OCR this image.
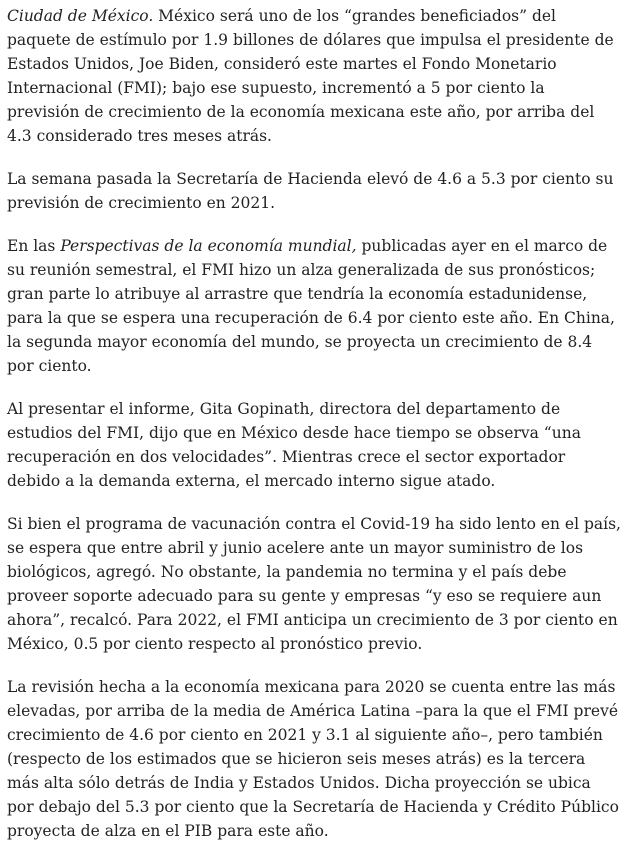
Ciudad de México. México será uno de los “grandes beneficiados” del paquete de estímulo por 1.9 billones de dólares que impulsa el presidente de Estados Unidos, Joe Biden, consideró este martes el Fondo Monetario Internacional (FMI); bajo ese supuesto, incrementó a 5 por ciento la previsión de crecimiento de la economía mexicana este año, por arriba del 4.3 considerado tres meses atrás.

La semana pasada la Secretaría de Hacienda elevó de 4.6 a 5.3 por ciento su previsión de crecimiento en 2021.

En las Perspectivas de la economía mundial, publicadas ayer en el marco de su reunión semestral, el FMI hizo un alza generalizada de sus pronósticos; gran parte lo atribuye al arrastre que tendría la economía estadunidense, para la que se espera una recuperación de 6.4 por ciento este año. En China, la segunda mayor economía del mundo, se proyecta un crecimiento de 8.4 por ciento.

Al presentar el informe, Gita Gopinath, directora del departamento de estudios del FMI, dijo que en México desde hace tiempo se observa “una recuperación en dos velocidades”. Mientras crece el sector exportador debido a la demanda externa, el mercado interno sigue atado.

Si bien el programa de vacunación contra el Covid-19 ha sido lento en el país, se espera que entre abril y junio acelere ante un mayor suministro de los biológicos, agregó. No obstante, la pandemia no termina y el país debe proveer soporte adecuado para su gente y empresas “y eso se requiere aun ahora”, recalcó. Para 2022, el FMI anticipa un crecimiento de 3 por ciento en México, 0.5 por ciento respecto al pronóstico previo.

La revisión hecha a la economía mexicana para 2020 se cuenta entre las más elevadas, por arriba de la media de América Latina –para la que el FMI prevé crecimiento de 4.6 por ciento en 2021 y 3.1 al siguiente año–, pero también (respecto de los estimados que se hicieron seis meses atrás) es la tercera más alta sólo detrás de India y Estados Unidos. Dicha proyección se ubica por debajo del 5.3 por ciento que la Secretaría de Hacienda y Crédito Público proyecta de alza en el PIB para este año.
